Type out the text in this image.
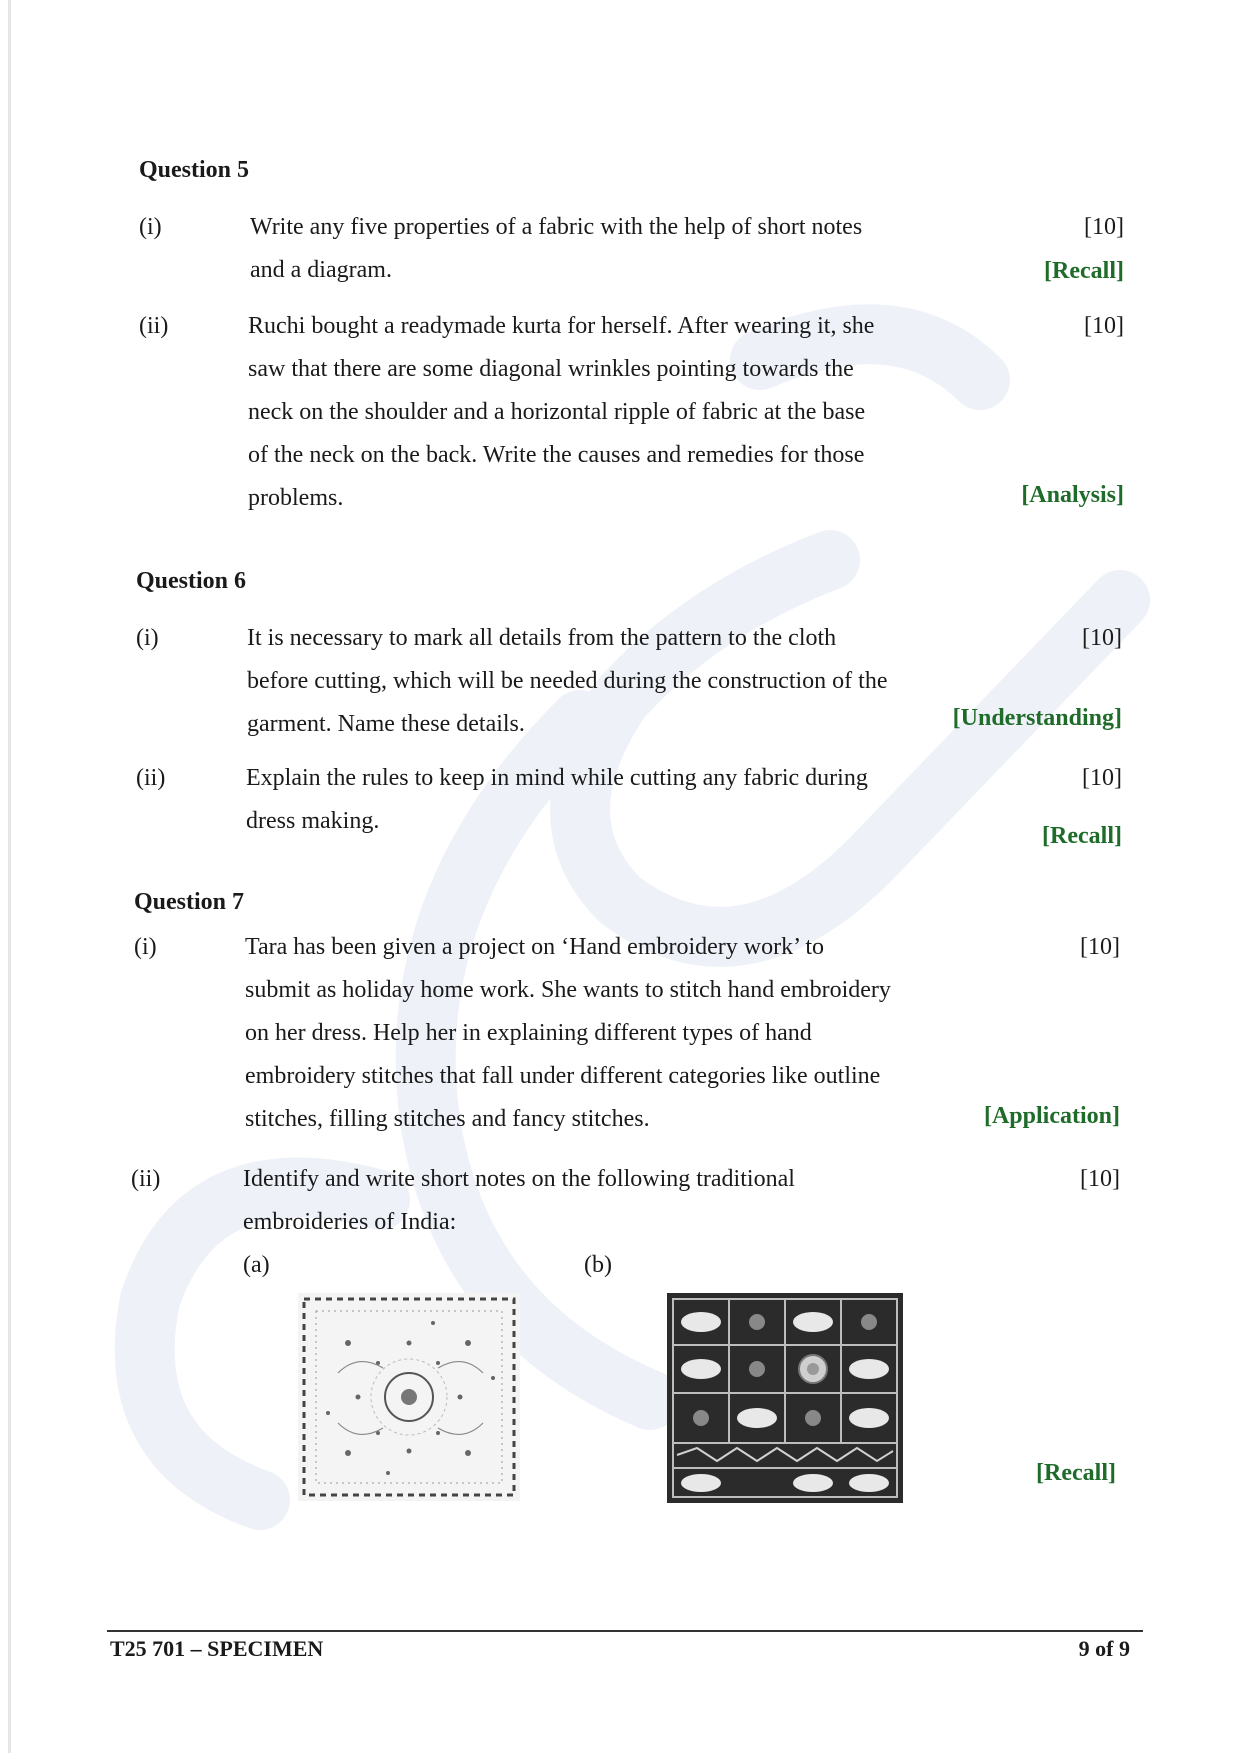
Question 5
(i)	Write any five properties of a fabric with the help of short notes
and a diagram.
[10]
[Recall]
(ii)	Ruchi bought a readymade kurta for herself. After wearing it, she
saw that there are some diagonal wrinkles pointing towards the
neck on the shoulder and a horizontal ripple of fabric at the base
of the neck on the back. Write the causes and remedies for those
problems.
[10]
[Analysis]
Question 6
(i)	It is necessary to mark all details from the pattern to the cloth
before cutting, which will be needed during the construction of the
garment. Name these details.
[10]
[Understanding]
(ii)	Explain the rules to keep in mind while cutting any fabric during
dress making.
[10]
[Recall]
Question 7
(i)	Tara has been given a project on ‘Hand embroidery work’ to
submit as holiday home work. She wants to stitch hand embroidery
on her dress. Help her in explaining different types of hand
embroidery stitches that fall under different categories like outline
stitches, filling stitches and fancy stitches.
[10]
[Application]
(ii)	Identify and write short notes on the following traditional
embroideries of India:
[10]
(a)	(b)
[Recall]
T25 701 – SPECIMEN	9 of 9
